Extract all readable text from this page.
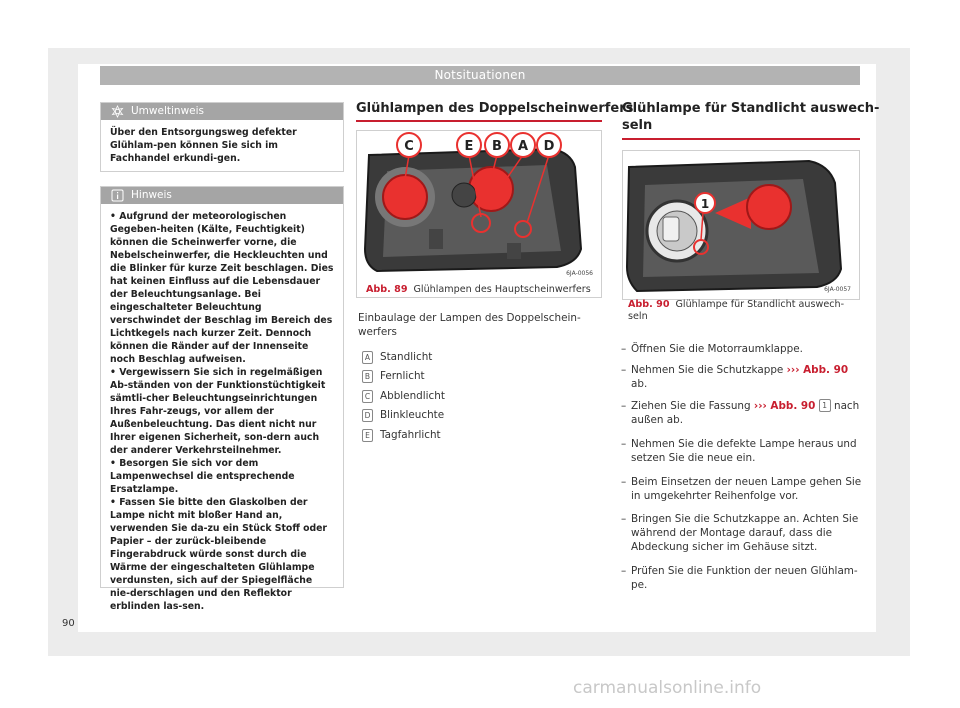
Notsituationen
Umweltinweis

Über den Entsorgungsweg defekter Glühlam-pen können Sie sich im Fachhandel erkundi-gen.

Hinweis

• Aufgrund der meteorologischen Gegeben-heiten (Kälte, Feuchtigkeit) können die Scheinwerfer vorne, die Nebelscheinwerfer, die Heckleuchten und die Blinker für kurze Zeit beschlagen. Dies hat keinen Einfluss auf die Lebensdauer der Beleuchtungsanlage. Bei eingeschalteter Beleuchtung verschwindet der Beschlag im Bereich des Lichtkegels nach kurzer Zeit. Dennoch können die Ränder auf der Innenseite noch Beschlag aufweisen.

• Vergewissern Sie sich in regelmäßigen Ab-ständen von der Funktionstüchtigkeit sämtli-cher Beleuchtungseinrichtungen Ihres Fahr-zeugs, vor allem der Außenbeleuchtung. Das dient nicht nur Ihrer eigenen Sicherheit, son-dern auch der anderer Verkehrsteilnehmer.

• Besorgen Sie sich vor dem Lampenwechsel die entsprechende Ersatzlampe.

• Fassen Sie bitte den Glaskolben der Lampe nicht mit bloßer Hand an, verwenden Sie da-zu ein Stück Stoff oder Papier – der zurück-bleibende Fingerabdruck würde sonst durch die Wärme der eingeschalteten Glühlampe verdunsten, sich auf der Spiegelfläche nie-derschlagen und den Reflektor erblinden las-sen.

Glühlampen des Doppelscheinwerfers
C	E B A D
6JA-0056
Abb. 89 Glühlampen des Hauptscheinwerfers
Einbaulage der Lampen des Doppelschein-werfers
A Standlicht
B Fernlicht
C Abblendlicht
D Blinkleuchte
E Tagfahrlicht
Glühlampe für Standlicht auswech-
seln
1
6JA-0057
Abb. 90 Glühlampe für Standlicht auswech-
seln
– Öffnen Sie die Motorraumklappe.
– Nehmen Sie die Schutzkappe ››› Abb. 90
ab.
– Ziehen Sie die Fassung ››› Abb. 90 1 nach außen ab.
– Nehmen Sie die defekte Lampe heraus und setzen Sie die neue ein.
– Beim Einsetzen der neuen Lampe gehen Sie in umgekehrter Reihenfolge vor.
– Bringen Sie die Schutzkappe an. Achten Sie während der Montage darauf, dass die Abdeckung sicher im Gehäuse sitzt.
– Prüfen Sie die Funktion der neuen Glühlam-pe.
90
carmanualsonline.info
